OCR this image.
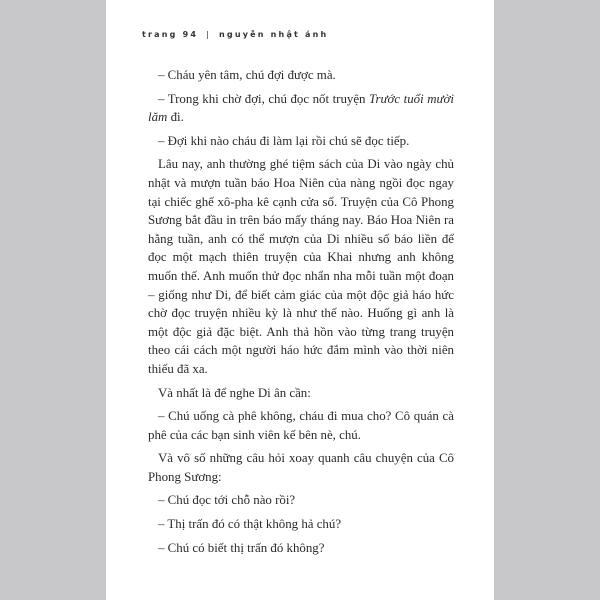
trang 94 | nguyễn nhật ánh

– Cháu yên tâm, chú đợi được mà.

– Trong khi chờ đợi, chú đọc nốt truyện Trước tuổi mười lăm đi.

– Đợi khi nào cháu đi làm lại rồi chú sẽ đọc tiếp.

Lâu nay, anh thường ghé tiệm sách của Di vào ngày chủ nhật và mượn tuần báo Hoa Niên của nàng ngồi đọc ngay tại chiếc ghế xô-pha kê cạnh cửa sổ. Truyện của Cô Phong Sương bắt đầu in trên báo mấy tháng nay. Báo Hoa Niên ra hằng tuần, anh có thể mượn của Di nhiều số báo liền để đọc một mạch thiên truyện của Khai nhưng anh không muốn thế. Anh muốn thử đọc nhẩn nha mỗi tuần một đoạn – giống như Di, để biết cảm giác của một độc giả háo hức chờ đọc truyện nhiều kỳ là như thế nào. Huống gì anh là một độc giả đặc biệt. Anh thả hồn vào từng trang truyện theo cái cách một người háo hức đắm mình vào thời niên thiếu đã xa.

Và nhất là để nghe Di ân cần:

– Chú uống cà phê không, cháu đi mua cho? Cô quán cà phê của các bạn sinh viên kế bên nè, chú.

Và vô số những câu hỏi xoay quanh câu chuyện của Cô Phong Sương:

– Chú đọc tới chỗ nào rồi?

– Thị trấn đó có thật không hả chú?

– Chú có biết thị trấn đó không?
